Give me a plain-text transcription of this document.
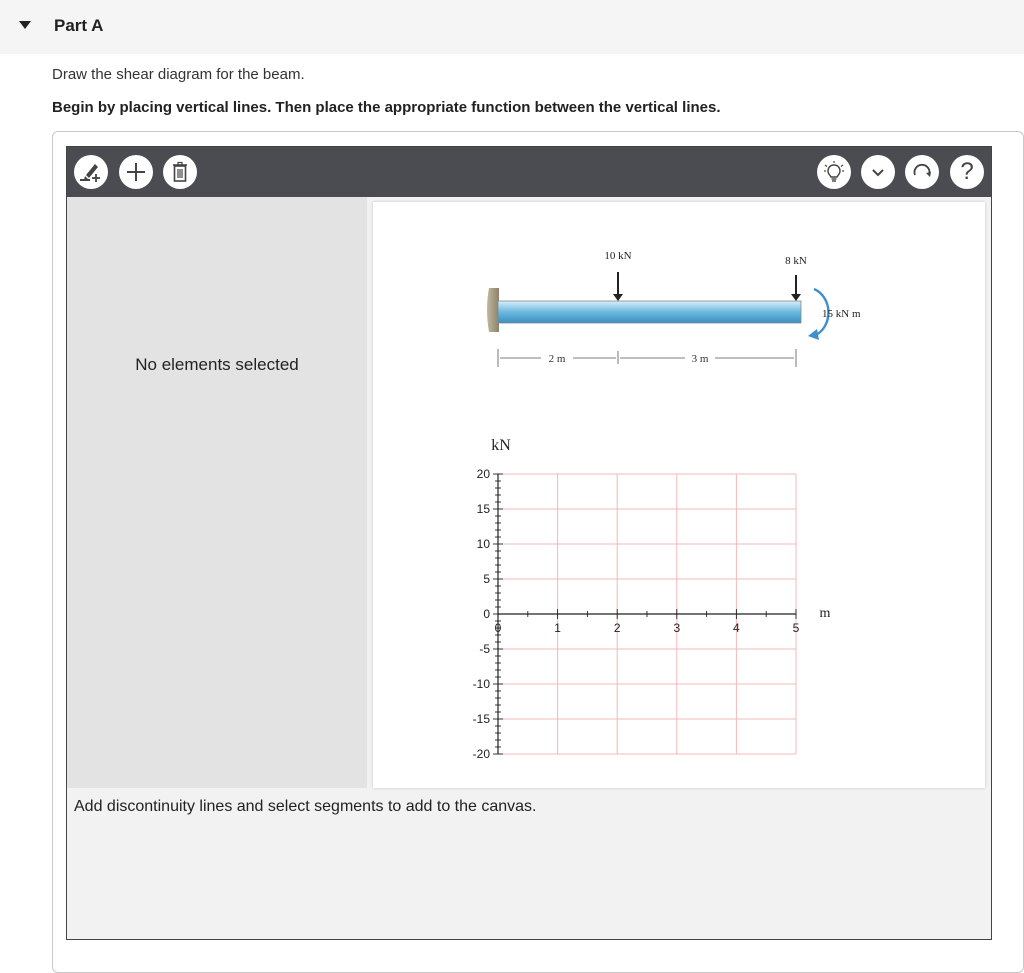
Part A
Draw the shear diagram for the beam.
Begin by placing vertical lines. Then place the appropriate function between the vertical lines.
?
No elements selected
10 kN	8 kN
15 kN m
2 m	3 m
kN
m
20
15
10
5
0
-5
-10
-15
-20
0	1	2	3	4	5
Add discontinuity lines and select segments to add to the canvas.
